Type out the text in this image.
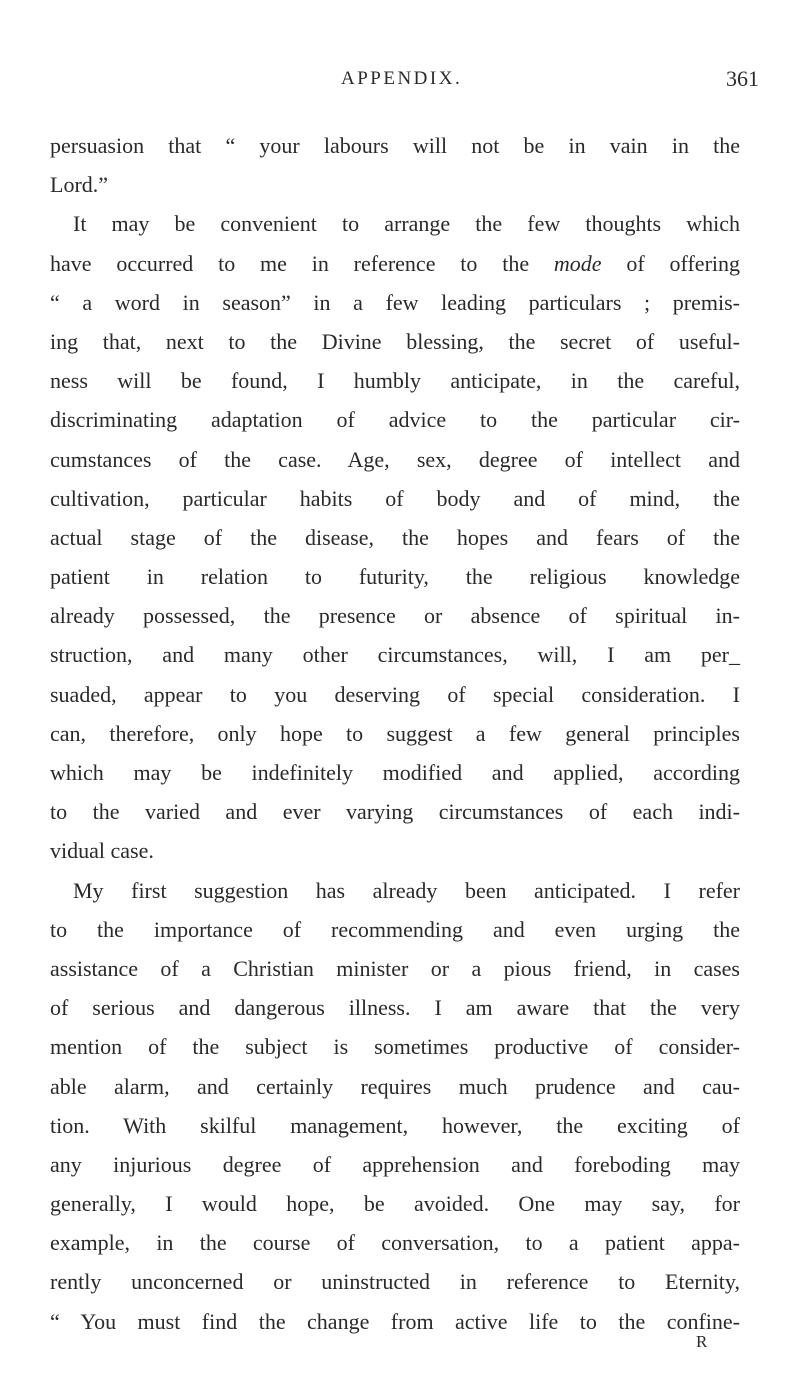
APPENDIX.	361
persuasion that “ your labours will not be in vain in the
Lord.”
It may be convenient to arrange the few thoughts which
have occurred to me in reference to the mode of offering
“ a word in season” in a few leading particulars ; premis-
ing that, next to the Divine blessing, the secret of useful-
ness will be found, I humbly anticipate, in the careful,
discriminating adaptation of advice to the particular cir-
cumstances of the case. Age, sex, degree of intellect and
cultivation, particular habits of body and of mind, the
actual stage of the disease, the hopes and fears of the
patient in relation to futurity, the religious knowledge
already possessed, the presence or absence of spiritual in-
struction, and many other circumstances, will, I am per_
suaded, appear to you deserving of special consideration. I
can, therefore, only hope to suggest a few general principles
which may be indefinitely modified and applied, according
to the varied and ever varying circumstances of each indi-
vidual case.
My first suggestion has already been anticipated. I refer
to the importance of recommending and even urging the
assistance of a Christian minister or a pious friend, in cases
of serious and dangerous illness. I am aware that the very
mention of the subject is sometimes productive of consider-
able alarm, and certainly requires much prudence and cau-
tion. With skilful management, however, the exciting of
any injurious degree of apprehension and foreboding may
generally, I would hope, be avoided. One may say, for
example, in the course of conversation, to a patient appa-
rently unconcerned or uninstructed in reference to Eternity,
“ You must find the change from active life to the confine-
R
